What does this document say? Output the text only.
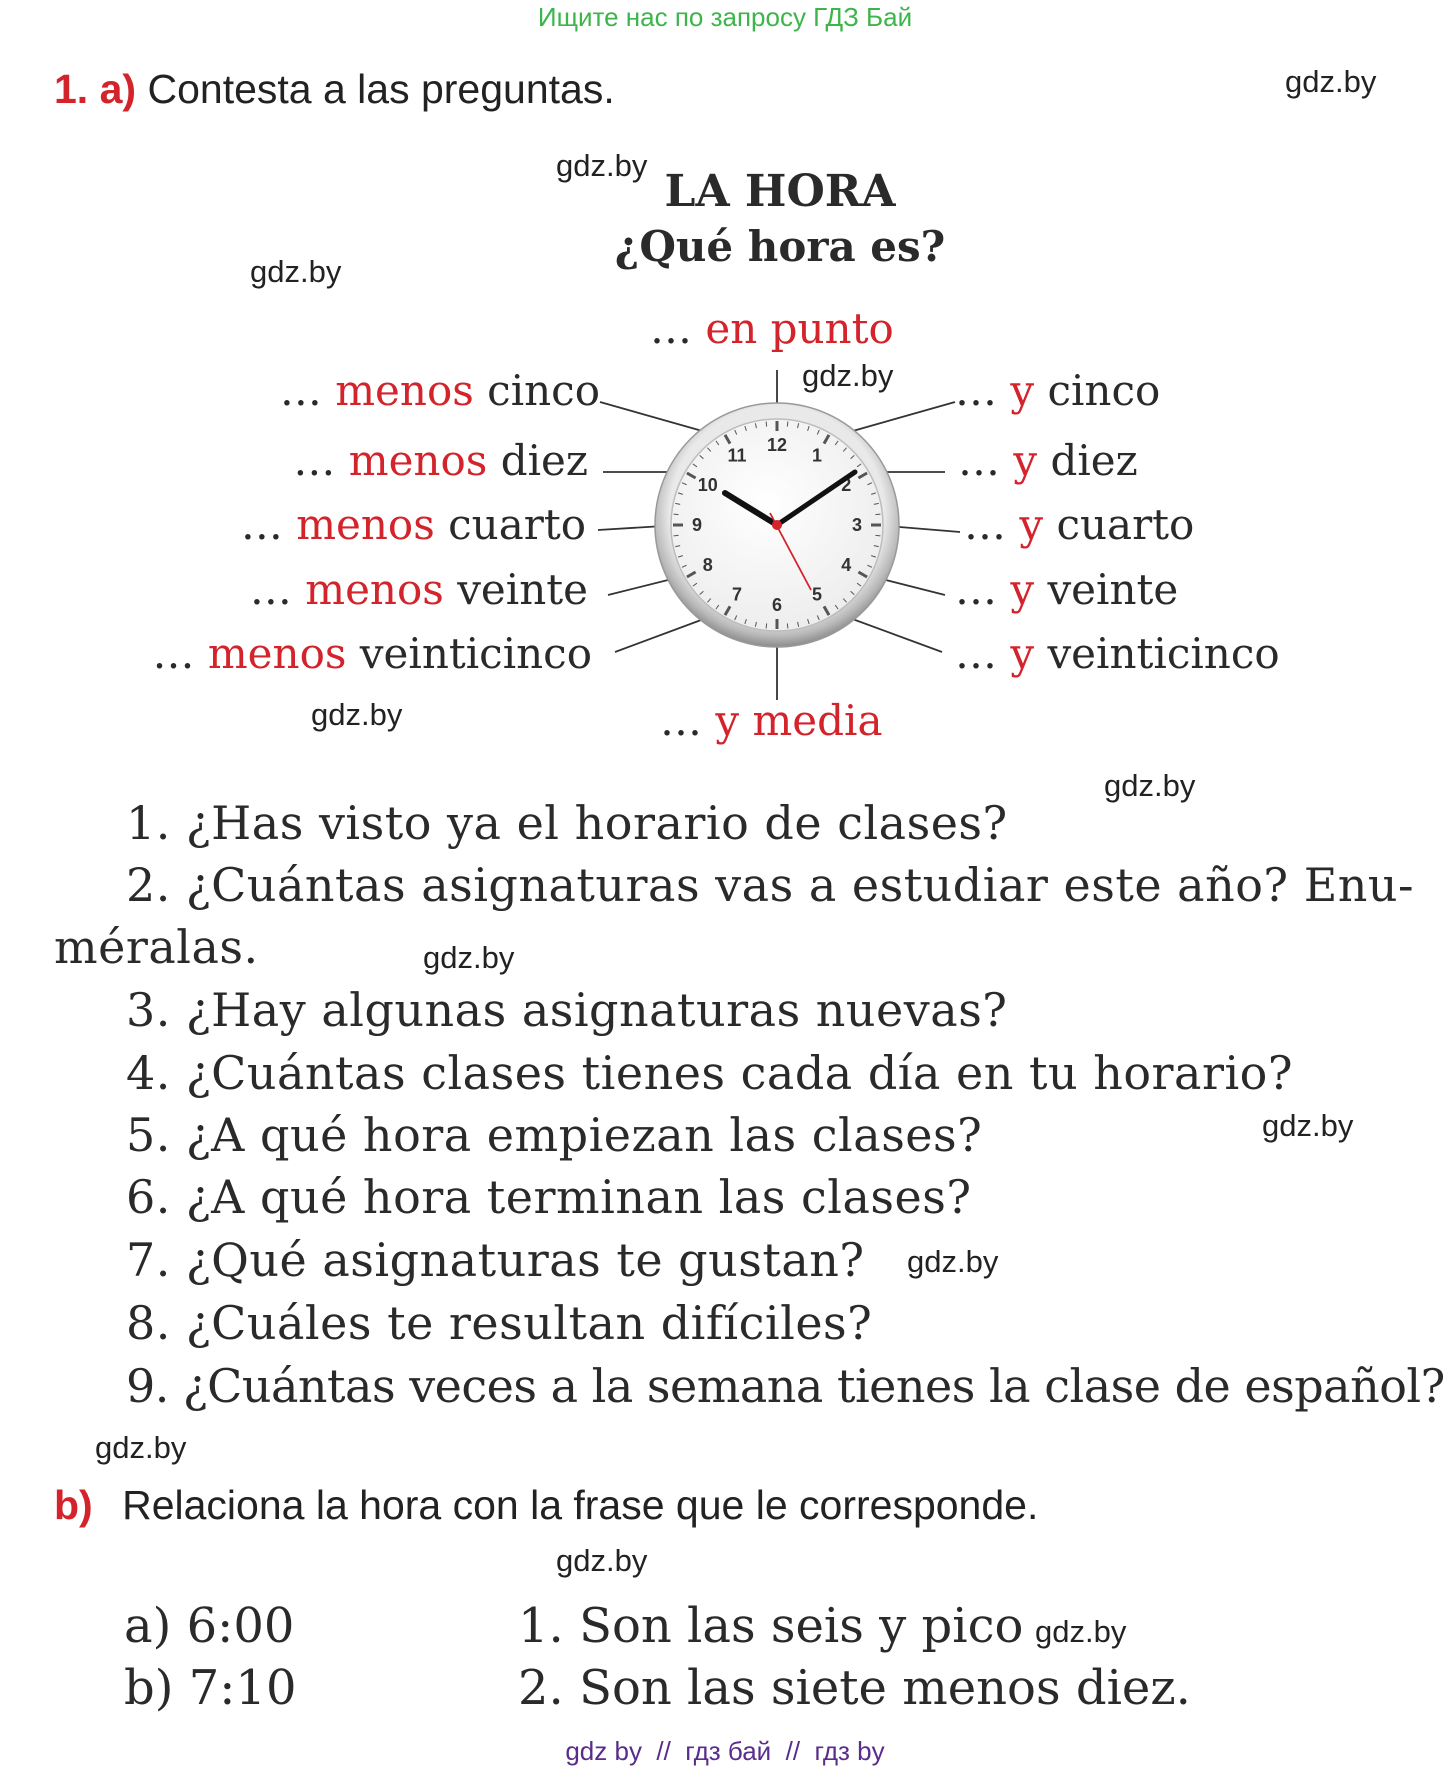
Ищите нас по запросу ГДЗ Бай
1. a) Contesta a las preguntas.	gdz.by
gdz.by
gdz.by
gdz.by
gdz.by
gdz.by
gdz.by
gdz.by
gdz.by
gdz.by
gdz.by
gdz.by
LA HORA
¿Qué hora es?
12
1
2
3
4
5
6
7
8
9
10
11
… en punto
… menos cinco
… menos diez
… menos cuarto
… menos veinte
… menos veinticinco
… y cinco
… y diez
… y cuarto
… y veinte
… y veinticinco
… y media
1. ¿Has visto ya el horario de clases?
2. ¿Cuántas asignaturas vas a estudiar este año? Enu-
méralas.
3. ¿Hay algunas asignaturas nuevas?
4. ¿Cuántas clases tienes cada día en tu horario?
5. ¿A qué hora empiezan las clases?
6. ¿A qué hora terminan las clases?
7. ¿Qué asignaturas te gustan?
8. ¿Cuáles te resultan difíciles?
9. ¿Cuántas veces a la semana tienes la clase de español?
b) Relaciona la hora con la frase que le corresponde.
a) 6:00
b) 7:10
1. Son las seis y pico
2. Son las siete menos diez.
gdz by  //  гдз бай  //  гдз by
